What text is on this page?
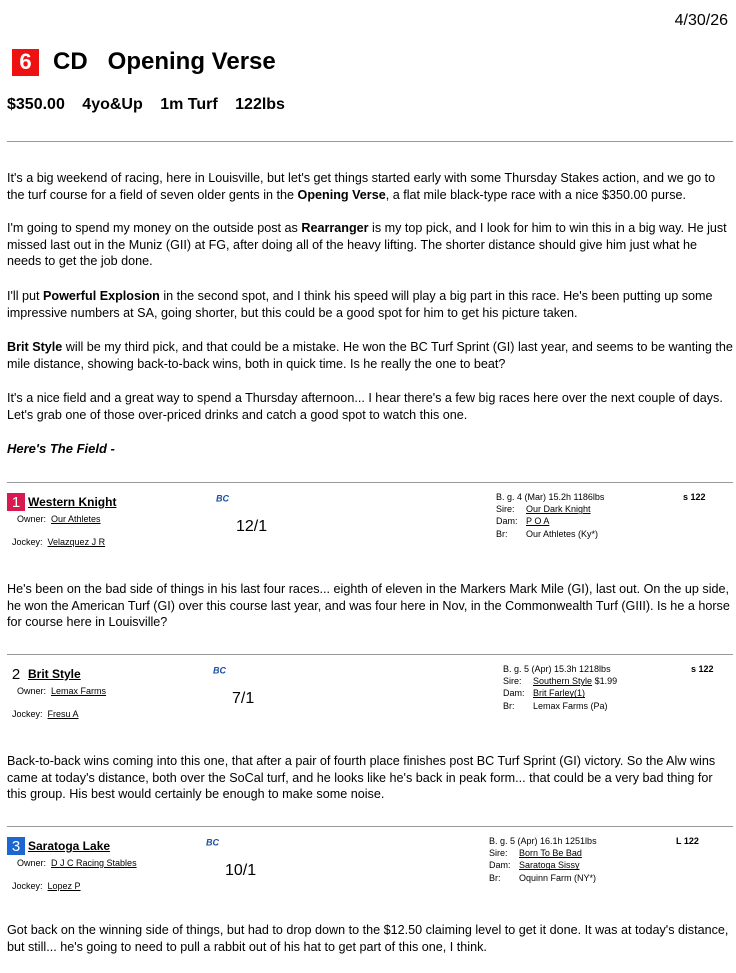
4/30/26
6 CD Opening Verse
$350.00 4yo&Up 1m Turf 122lbs
It's a big weekend of racing, here in Louisville, but let's get things started early with some Thursday Stakes action, and we go to the turf course for a field of seven older gents in the Opening Verse, a flat mile black-type race with a nice $350.00 purse.
I'm going to spend my money on the outside post as Rearranger is my top pick, and I look for him to win this in a big way. He just missed last out in the Muniz (GII) at FG, after doing all of the heavy lifting. The shorter distance should give him just what he needs to get the job done.
I'll put Powerful Explosion in the second spot, and I think his speed will play a big part in this race. He's been putting up some impressive numbers at SA, going shorter, but this could be a good spot for him to get his picture taken.
Brit Style will be my third pick, and that could be a mistake. He won the BC Turf Sprint (GI) last year, and seems to be wanting the mile distance, showing back-to-back wins, both in quick time. Is he really the one to beat?
It's a nice field and a great way to spend a Thursday afternoon... I hear there's a few big races here over the next couple of days. Let's grab one of those over-priced drinks and catch a good spot to watch this one.
Here's The Field -
1 Western Knight
Owner: Our Athletes
Jockey: Velazquez J R
BC
12/1
B. g. 4 (Mar) 15.2h 1186lbs
Sire: Our Dark Knight
Dam: P O A
Br: Our Athletes (Ky*)
s 122
He's been on the bad side of things in his last four races... eighth of eleven in the Markers Mark Mile (GI), last out. On the up side, he won the American Turf (GI) over this course last year, and was four here in Nov, in the Commonwealth Turf (GIII). Is he a horse for course here in Louisville?
2 Brit Style
Owner: Lemax Farms
Jockey: Fresu A
BC
7/1
B. g. 5 (Apr) 15.3h 1218lbs
Sire: Southern Style $1.99
Dam: Brit Farley(1)
Br: Lemax Farms (Pa)
s 122
Back-to-back wins coming into this one, that after a pair of fourth place finishes post BC Turf Sprint (GI) victory. So the Alw wins came at today's distance, both over the SoCal turf, and he looks like he's back in peak form... that could be a very bad thing for this group. His best would certainly be enough to make some noise.
3 Saratoga Lake
Owner: D J C Racing Stables
Jockey: Lopez P
BC
10/1
B. g. 5 (Apr) 16.1h 1251lbs
Sire: Born To Be Bad
Dam: Saratoga Sissy
Br: Oquinn Farm (NY*)
L 122
Got back on the winning side of things, but had to drop down to the $12.50 claiming level to get it done. It was at today's distance, but still... he's going to need to pull a rabbit out of his hat to get part of this one, I think.
